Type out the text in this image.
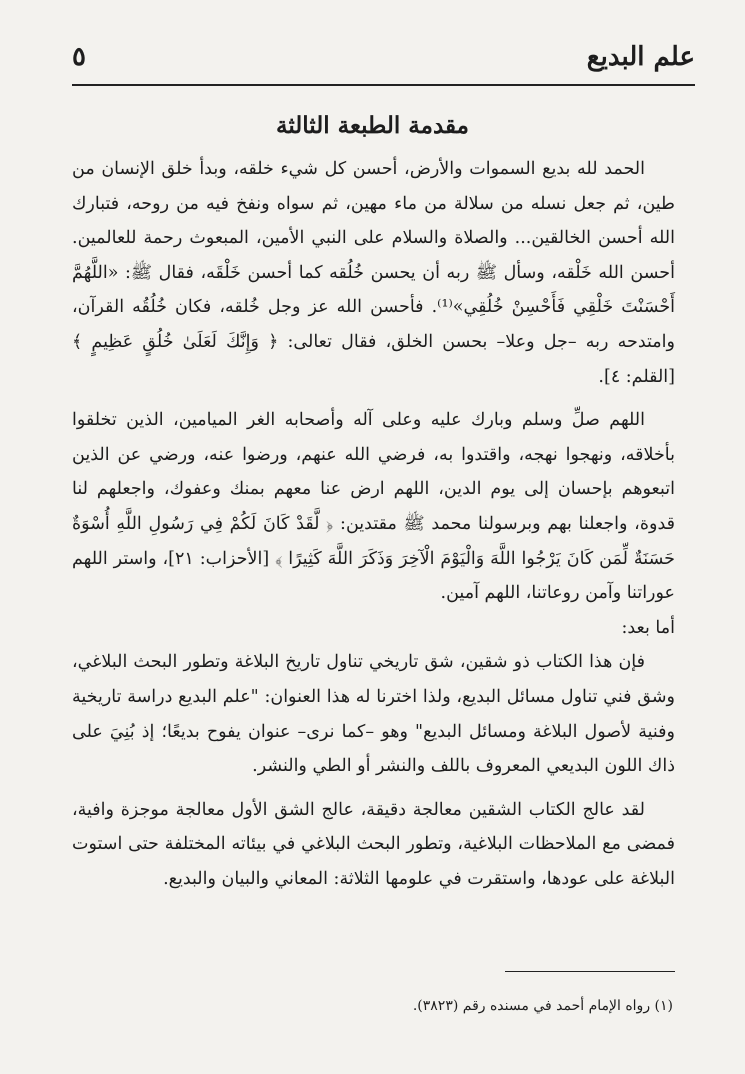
علم البديع
٥
مقدمة الطبعة الثالثة

الحمد لله بديع السموات والأرض، أحسن كل شيء خلقه، وبدأ خلق الإنسان من طين، ثم جعل نسله من سلالة من ماء مهين، ثم سواه ونفخ فيه من روحه، فتبارك الله أحسن الخالقين... والصلاة والسلام على النبي الأمين، المبعوث رحمة للعالمين. أحسن الله خَلْقه، وسأل ﷺ ربه أن يحسن خُلُقه كما أحسن خَلْقَه، فقال ﷺ: «اللَّهُمَّ أَحْسَنْتَ خَلْقِي فَأَحْسِنْ خُلُقِي»⁽¹⁾. فأحسن الله عز وجل خُلقه، فكان خُلُقُه القرآن، وامتدحه ربه –جل وعلا– بحسن الخلق، فقال تعالى: ﴿ وَإِنَّكَ لَعَلَىٰ خُلُقٍ عَظِيمٍ ﴾ [القلم: ٤].

اللهم صلِّ وسلم وبارك عليه وعلى آله وأصحابه الغر الميامين، الذين تخلقوا بأخلاقه، ونهجوا نهجه، واقتدوا به، فرضي الله عنهم، ورضوا عنه، ورضي عن الذين اتبعوهم بإحسان إلى يوم الدين، اللهم ارض عنا معهم بمنك وعفوك، واجعلهم لنا قدوة، واجعلنا بهم وبرسولنا محمد ﷺ مقتدين: ﴿ لَّقَدْ كَانَ لَكُمْ فِي رَسُولِ اللَّهِ أُسْوَةٌ حَسَنَةٌ لِّمَن كَانَ يَرْجُوا اللَّهَ وَالْيَوْمَ الْآخِرَ وَذَكَرَ اللَّهَ كَثِيرًا ﴾ [الأحزاب: ٢١]، واستر اللهم عوراتنا وآمن روعاتنا، اللهم آمين.

أما بعد:

فإن هذا الكتاب ذو شقين، شق تاريخي تناول تاريخ البلاغة وتطور البحث البلاغي، وشق فني تناول مسائل البديع، ولذا اخترنا له هذا العنوان: "علم البديع دراسة تاريخية وفنية لأصول البلاغة ومسائل البديع" وهو –كما نرى– عنوان يفوح بديعًا؛ إذ بُنِيَ على ذاك اللون البديعي المعروف باللف والنشر أو الطي والنشر.

لقد عالج الكتاب الشقين معالجة دقيقة، عالج الشق الأول معالجة موجزة وافية، فمضى مع الملاحظات البلاغية، وتطور البحث البلاغي في بيئاته المختلفة حتى استوت البلاغة على عودها، واستقرت في علومها الثلاثة: المعاني والبيان والبديع.

(١) رواه الإمام أحمد في مسنده رقم (٣٨٢٣).
